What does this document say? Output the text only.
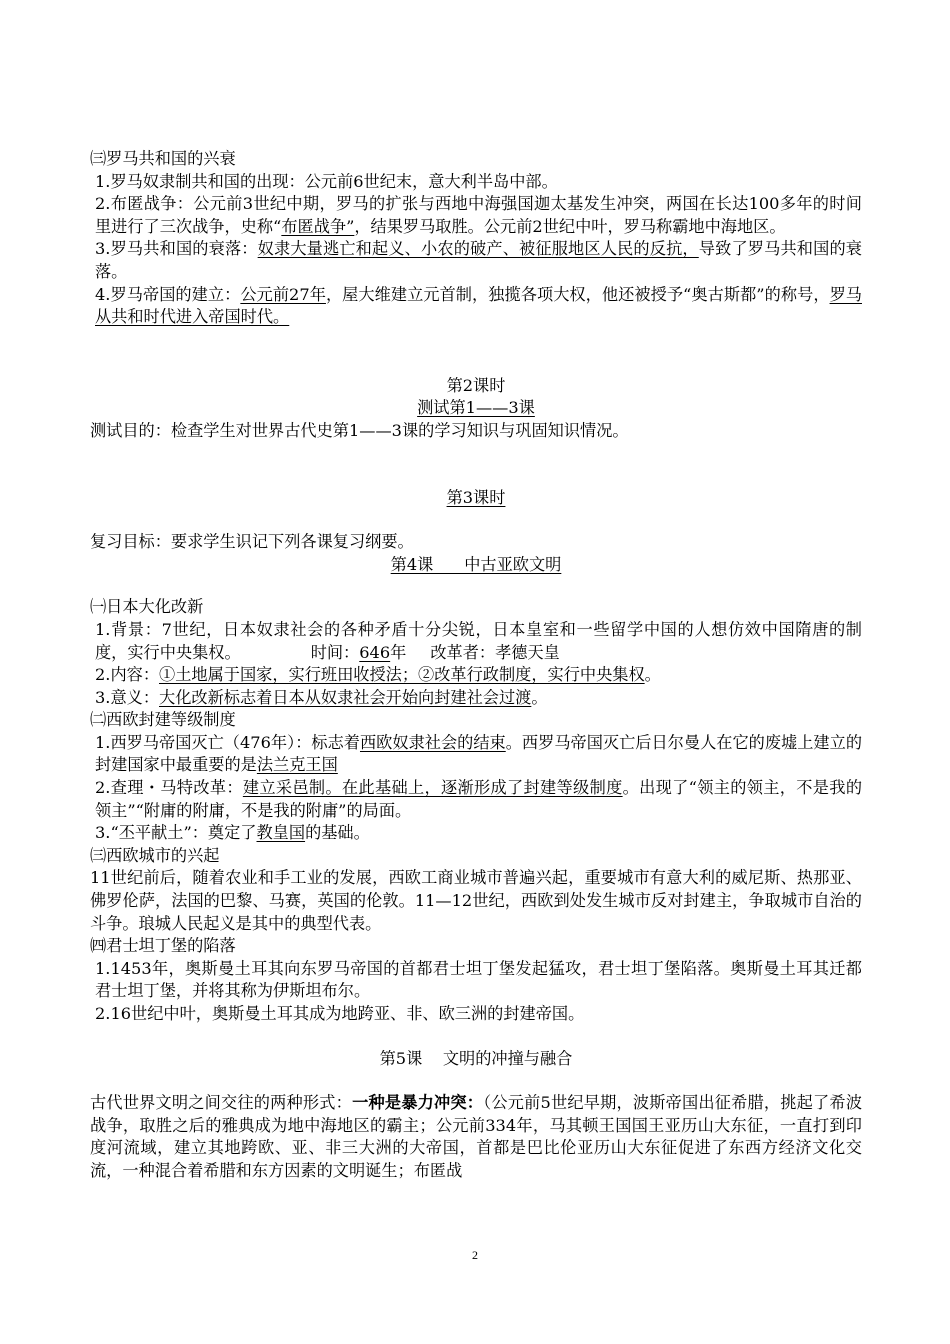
㈢罗马共和国的兴衰

1.罗马奴隶制共和国的出现：公元前6世纪末，意大利半岛中部。

2.布匿战争：公元前3世纪中期，罗马的扩张与西地中海强国迦太基发生冲突，两国在长达100多年的时间里进行了三次战争，史称“布匿战争”，结果罗马取胜。公元前2世纪中叶，罗马称霸地中海地区。

3.罗马共和国的衰落：奴隶大量逃亡和起义、小农的破产、被征服地区人民的反抗，导致了罗马共和国的衰落。

4.罗马帝国的建立：公元前27年，屋大维建立元首制，独揽各项大权，他还被授予“奥古斯都”的称号，罗马从共和时代进入帝国时代。

第2课时

测试第1——3课

测试目的：检查学生对世界古代史第1——3课的学习知识与巩固知识情况。

第3课时

复习目标：要求学生识记下列各课复习纲要。

第4课      中古亚欧文明

㈠日本大化改新

1.背景：7世纪，日本奴隶社会的各种矛盾十分尖锐，日本皇室和一些留学中国的人想仿效中国隋唐的制度，实行中央集权。	时间：646年 改革者：孝德天皇

2.内容：①土地属于国家，实行班田收授法；②改革行政制度，实行中央集权。

3.意义：大化改新标志着日本从奴隶社会开始向封建社会过渡。

㈡西欧封建等级制度

1.西罗马帝国灭亡（476年）：标志着西欧奴隶社会的结束。西罗马帝国灭亡后日尔曼人在它的废墟上建立的封建国家中最重要的是法兰克王国

2.查理・马特改革：建立采邑制。在此基础上，逐渐形成了封建等级制度。出现了“领主的领主，不是我的领主”“附庸的附庸，不是我的附庸”的局面。

3.“丕平献土”：奠定了教皇国的基础。

㈢西欧城市的兴起

11世纪前后，随着农业和手工业的发展，西欧工商业城市普遍兴起，重要城市有意大利的威尼斯、热那亚、佛罗伦萨，法国的巴黎、马赛，英国的伦敦。11—12世纪，西欧到处发生城市反对封建主，争取城市自治的斗争。琅城人民起义是其中的典型代表。

㈣君士坦丁堡的陷落

1.1453年，奥斯曼土耳其向东罗马帝国的首都君士坦丁堡发起猛攻，君士坦丁堡陷落。奥斯曼土耳其迁都君士坦丁堡，并将其称为伊斯坦布尔。

2.16世纪中叶，奥斯曼土耳其成为地跨亚、非、欧三洲的封建帝国。

第5课    文明的冲撞与融合

古代世界文明之间交往的两种形式：一种是暴力冲突：（公元前5世纪早期，波斯帝国出征希腊，挑起了希波战争，取胜之后的雅典成为地中海地区的霸主；公元前334年，马其顿王国国王亚历山大东征，一直打到印度河流域，建立其地跨欧、亚、非三大洲的大帝国，首都是巴比伦亚历山大东征促进了东西方经济文化交流，一种混合着希腊和东方因素的文明诞生；布匿战

2
